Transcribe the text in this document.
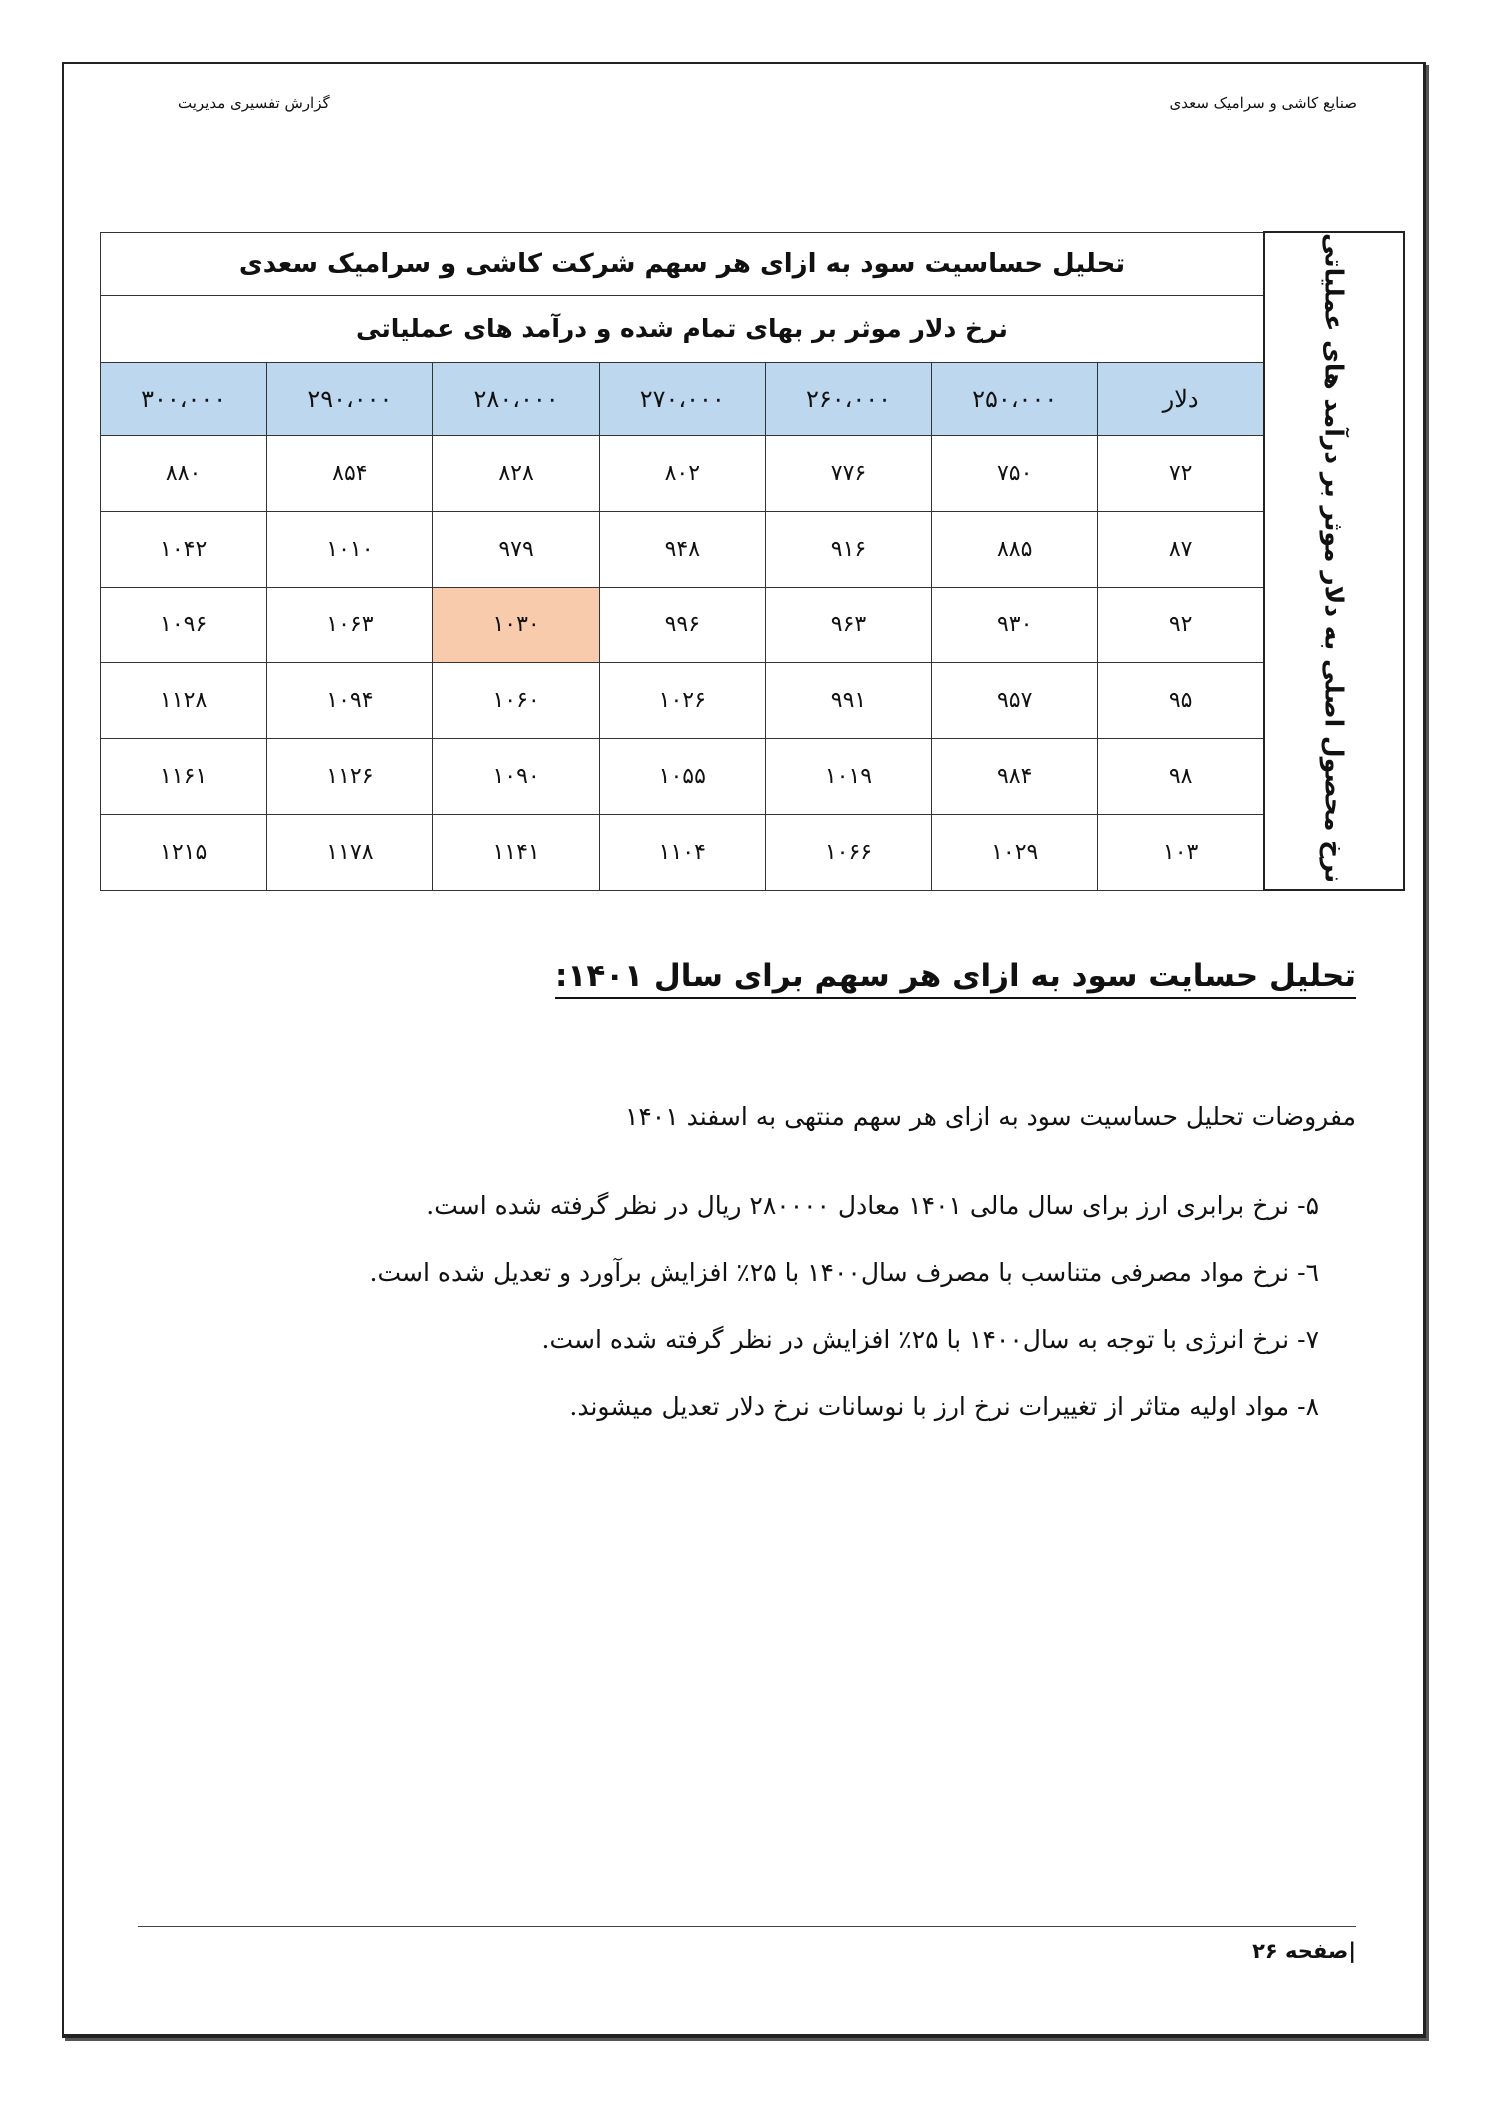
صنایع کاشی و سرامیک سعدی
گزارش تفسیری مدیریت
نرخ محصول اصلی به دلار موثر بر درآمد های عملیاتی	تحلیل حساسیت سود به ازای هر سهم شرکت کاشی و سرامیک سعدی						
	نرخ دلار موثر بر بهای تمام شده و درآمد های عملیاتی						
	دلار	۲۵۰،۰۰۰	۲۶۰،۰۰۰	۲۷۰،۰۰۰	۲۸۰،۰۰۰	۲۹۰،۰۰۰	۳۰۰،۰۰۰
	۷۲	۷۵۰	۷۷۶	۸۰۲	۸۲۸	۸۵۴	۸۸۰
	۸۷	۸۸۵	۹۱۶	۹۴۸	۹۷۹	۱۰۱۰	۱۰۴۲
	۹۲	۹۳۰	۹۶۳	۹۹۶	۱۰۳۰	۱۰۶۳	۱۰۹۶
	۹۵	۹۵۷	۹۹۱	۱۰۲۶	۱۰۶۰	۱۰۹۴	۱۱۲۸
	۹۸	۹۸۴	۱۰۱۹	۱۰۵۵	۱۰۹۰	۱۱۲۶	۱۱۶۱
	۱۰۳	۱۰۲۹	۱۰۶۶	۱۱۰۴	۱۱۴۱	۱۱۷۸	۱۲۱۵
تحلیل حسایت سود به ازای هر سهم برای سال ۱۴۰۱:
مفروضات تحلیل حساسیت سود به ازای هر سهم منتهی به اسفند ۱۴۰۱
۵-نرخ برابری ارز برای سال مالی ۱۴۰۱ معادل ۲۸۰۰۰۰ ریال در نظر گرفته شده است.
٦-نرخ مواد مصرفی متناسب با مصرف سال۱۴۰۰ با ۲۵٪ افزایش برآورد و تعدیل شده است.
۷-نرخ انرژی با توجه به سال۱۴۰۰ با ۲۵٪ افزایش در نظر گرفته شده است.
۸-مواد اولیه متاثر از تغییرات نرخ ارز با نوسانات نرخ دلار تعدیل میشوند.
|صفحه ۲۶
